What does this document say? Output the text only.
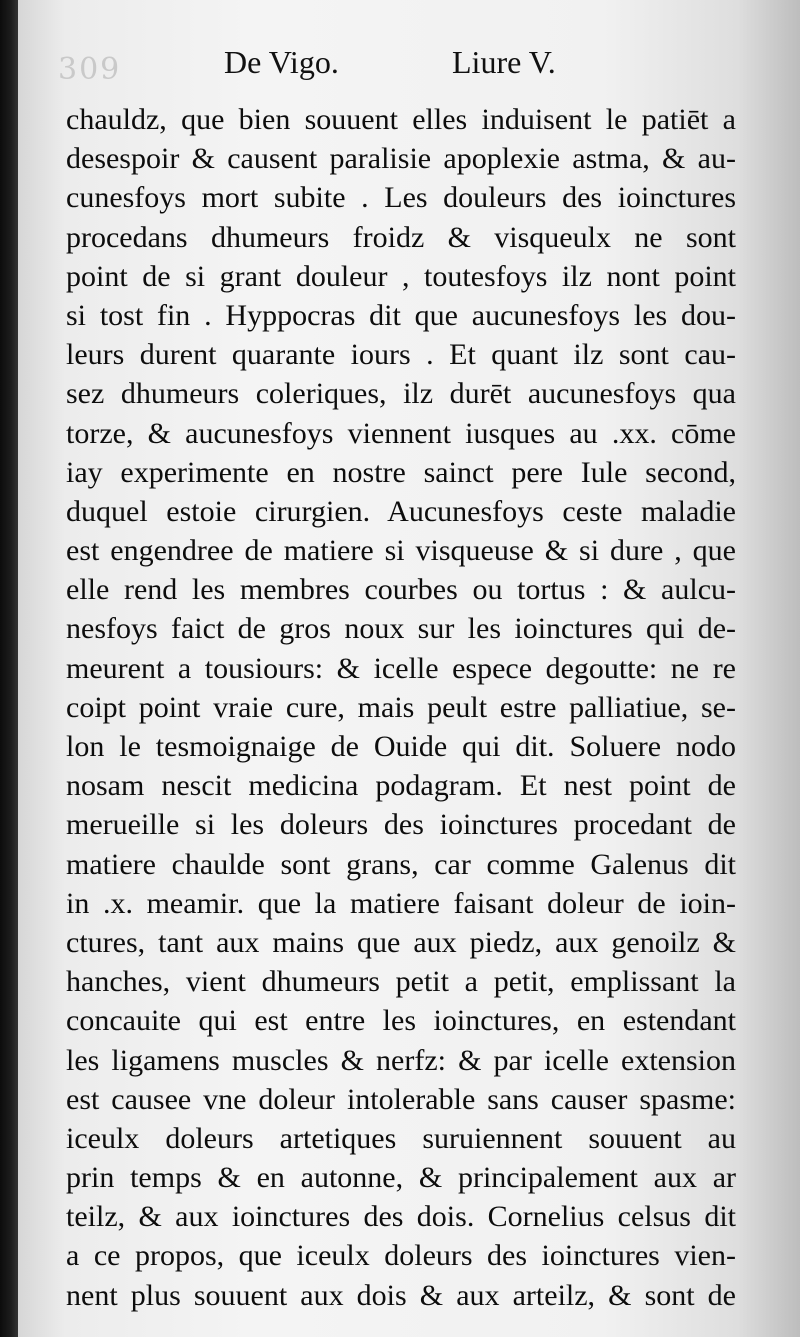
309	De Vigo.	Liure V.
chauldz, que bien souuent elles induisent le patiēt a
desespoir & causent paralisie apoplexie astma, & au-
cunesfoys mort subite . Les douleurs des ioinctures
procedans dhumeurs froidz & visqueulx ne sont
point de si grant douleur , toutesfoys ilz nont point
si tost fin . Hyppocras dit que aucunesfoys les dou-
leurs durent quarante iours . Et quant ilz sont cau-
sez dhumeurs coleriques, ilz durēt aucunesfoys qua
torze, & aucunesfoys viennent iusques au .xx. cōme
iay experimente en nostre sainct pere Iule second,
duquel estoie cirurgien. Aucunesfoys ceste maladie
est engendree de matiere si visqueuse & si dure , que
elle rend les membres courbes ou tortus : & aulcu-
nesfoys faict de gros noux sur les ioinctures qui de-
meurent a tousiours: & icelle espece degoutte: ne re
coipt point vraie cure, mais peult estre palliatiue, se-
lon le tesmoignaige de Ouide qui dit. Soluere nodo
nosam nescit medicina podagram. Et nest point de
merueille si les doleurs des ioinctures procedant de
matiere chaulde sont grans, car comme Galenus dit
in .x. meamir. que la matiere faisant doleur de ioin-
ctures, tant aux mains que aux piedz, aux genoilz &
hanches, vient dhumeurs petit a petit, emplissant la
concauite qui est entre les ioinctures, en estendant
les ligamens muscles & nerfz: & par icelle extension
est causee vne doleur intolerable sans causer spasme:
iceulx doleurs artetiques suruiennent souuent au
prin temps & en autonne, & principalement aux ar
teilz, & aux ioinctures des dois. Cornelius celsus dit
a ce propos, que iceulx doleurs des ioinctures vien-
nent plus souuent aux dois & aux arteilz, & sont de
